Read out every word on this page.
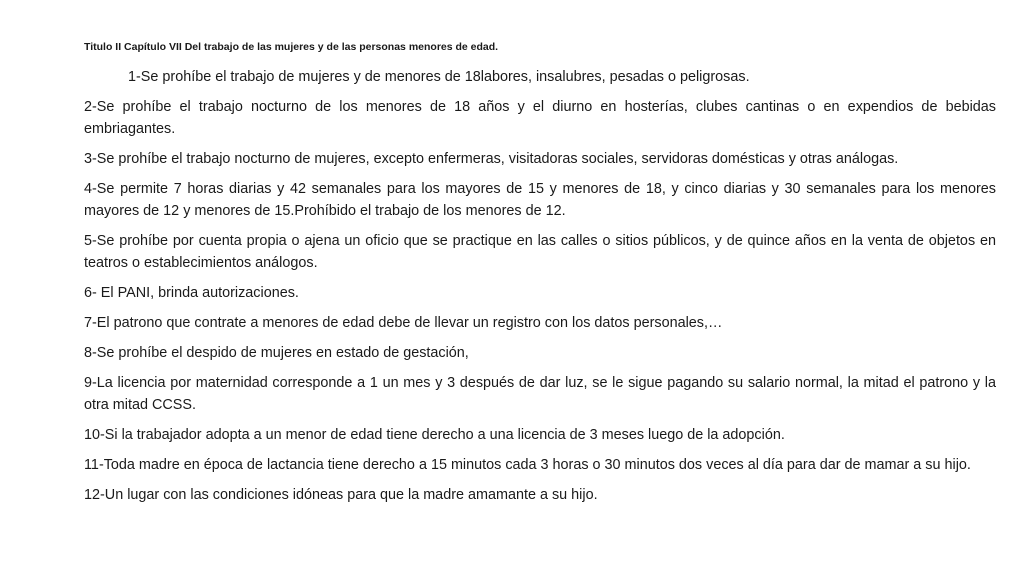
Titulo II Capítulo VII Del trabajo de las mujeres y de las personas menores de edad.

1-Se prohíbe el trabajo de mujeres y de menores de 18labores, insalubres, pesadas o peligrosas.

2-Se prohíbe el trabajo nocturno de los menores de 18 años y el diurno en hosterías, clubes cantinas o en expendios de bebidas embriagantes.

3-Se prohíbe el trabajo nocturno de mujeres, excepto enfermeras, visitadoras sociales, servidoras domésticas y otras análogas.

4-Se permite 7 horas diarias y 42 semanales para los mayores de 15 y menores de 18, y cinco diarias y 30 semanales para los menores mayores de 12 y menores de 15.Prohíbido el trabajo de los menores de 12.

5-Se prohíbe por cuenta propia o ajena un oficio que se practique en las calles o sitios públicos, y de quince años en la venta de objetos en teatros o establecimientos análogos.

6- El PANI, brinda autorizaciones.

7-El patrono que contrate a menores de edad debe de llevar un registro con los datos personales,…

8-Se prohíbe el despido de mujeres en estado de gestación,

9-La licencia por maternidad corresponde a 1 un mes y 3 después de dar luz, se le sigue pagando su salario normal, la mitad el patrono y la otra mitad CCSS.

10-Si la trabajador adopta a un menor de edad tiene derecho a una licencia de 3 meses luego de la adopción.

11-Toda madre en época de lactancia tiene derecho a 15 minutos cada 3 horas o 30 minutos dos veces al día para dar de mamar a su hijo.

12-Un lugar con las condiciones idóneas para que la madre amamante a su hijo.
